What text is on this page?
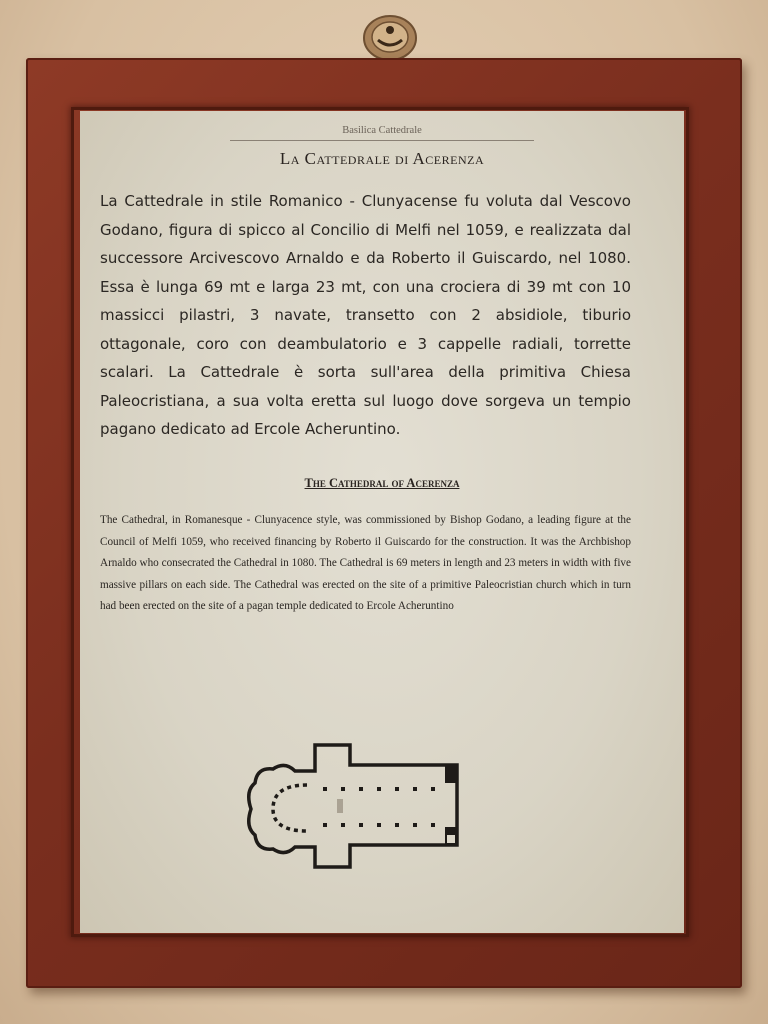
Basilica Cattedrale
La Cattedrale di Acerenza
La Cattedrale in stile Romanico - Clunyacense fu voluta dal Vescovo Godano, figura di spicco al Concilio di Melfi nel 1059, e realizzata dal successore Arcivescovo Arnaldo e da Roberto il Guiscardo, nel 1080. Essa è lunga 69 mt e larga 23 mt, con una crociera di 39 mt con 10 massicci pilastri, 3 navate, transetto con 2 absidiole, tiburio ottagonale, coro con deambulatorio e 3 cappelle radiali, torrette scalari. La Cattedrale è sorta sull'area della primitiva Chiesa Paleocristiana, a sua volta eretta sul luogo dove sorgeva un tempio pagano dedicato ad Ercole Acheruntino.
The Cathedral of Acerenza
The Cathedral, in Romanesque - Clunyacence style, was commissioned by Bishop Godano, a leading figure at the Council of Melfi 1059, who received financing by Roberto il Guiscardo for the construction. It was the Archbishop Arnaldo who consecrated the Cathedral in 1080. The Cathedral is 69 meters in length and 23 meters in width with five massive pillars on each side. The Cathedral was erected on the site of a primitive Paleocristian church which in turn had been erected on the site of a pagan temple dedicated to Ercole Acheruntino
